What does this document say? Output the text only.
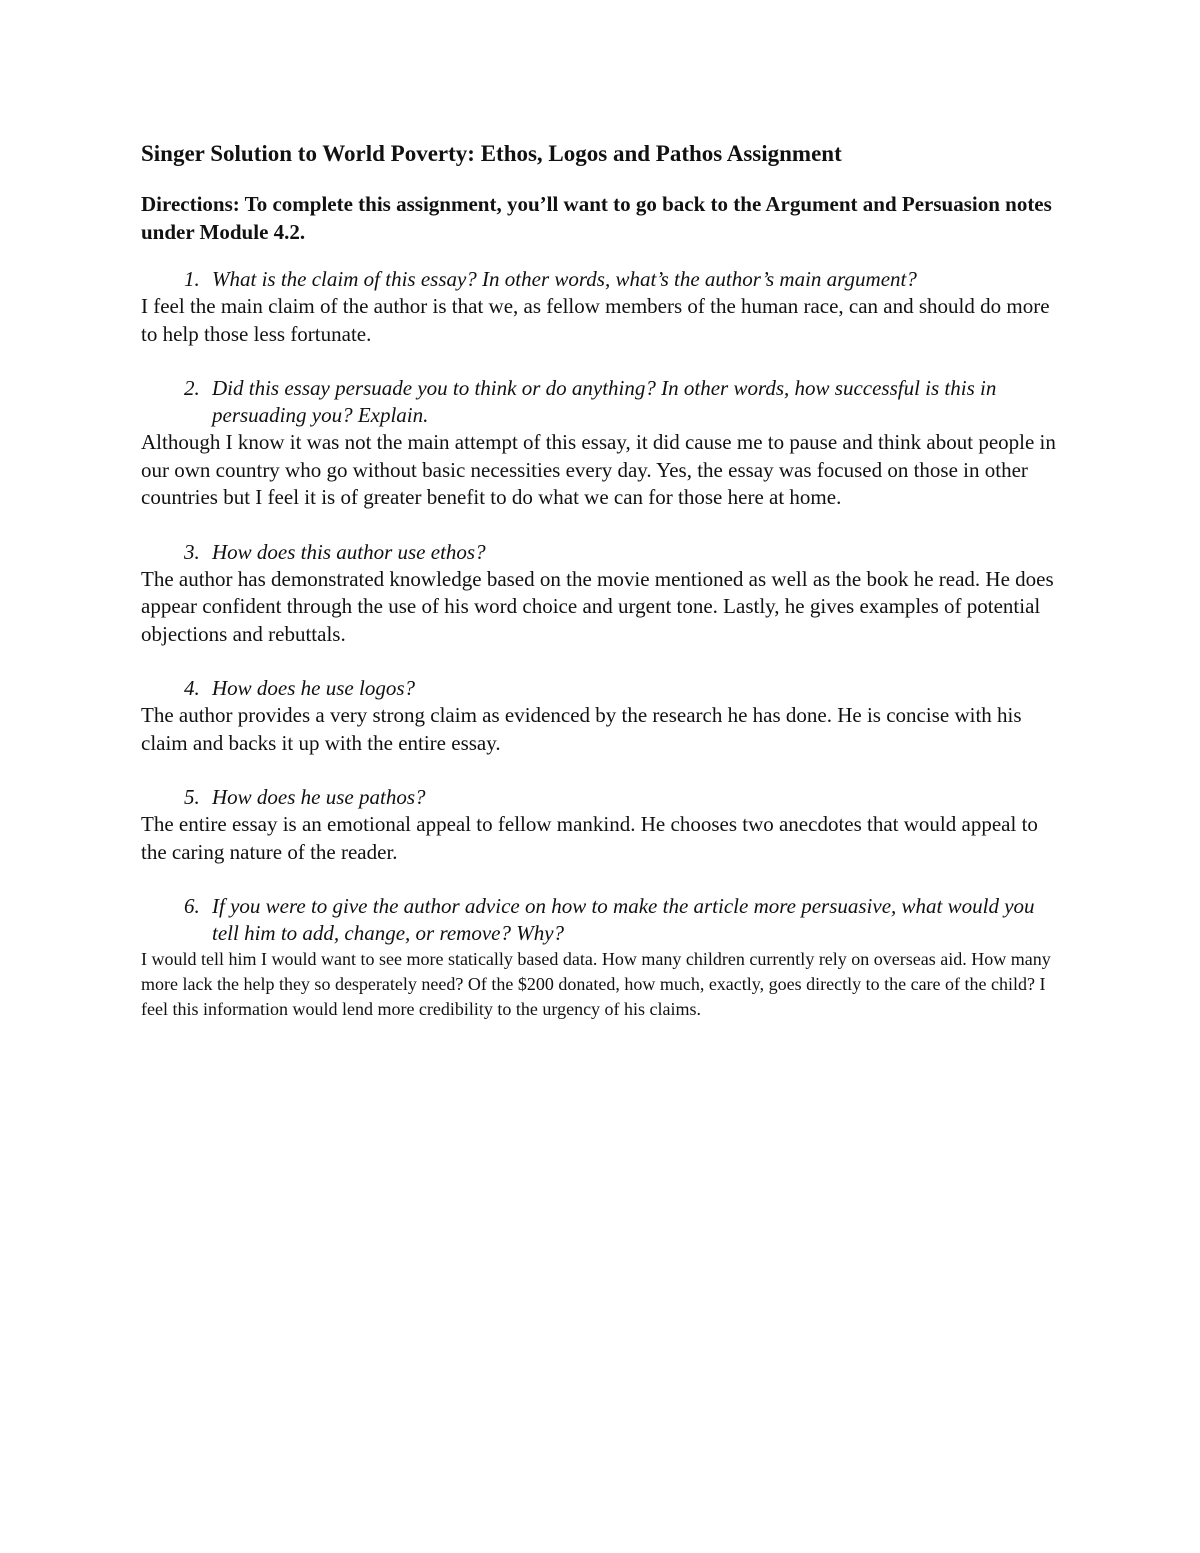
Singer Solution to World Poverty: Ethos, Logos and Pathos Assignment
Directions: To complete this assignment, you’ll want to go back to the Argument and Persuasion notes under Module 4.2.
1. What is the claim of this essay? In other words, what’s the author’s main argument?
I feel the main claim of the author is that we, as fellow members of the human race, can and should do more to help those less fortunate.
2. Did this essay persuade you to think or do anything? In other words, how successful is this in persuading you? Explain.
Although I know it was not the main attempt of this essay, it did cause me to pause and think about people in our own country who go without basic necessities every day. Yes, the essay was focused on those in other countries but I feel it is of greater benefit to do what we can for those here at home.
3. How does this author use ethos?
The author has demonstrated knowledge based on the movie mentioned as well as the book he read. He does appear confident through the use of his word choice and urgent tone. Lastly, he gives examples of potential objections and rebuttals.
4. How does he use logos?
The author provides a very strong claim as evidenced by the research he has done. He is concise with his claim and backs it up with the entire essay.
5. How does he use pathos?
The entire essay is an emotional appeal to fellow mankind. He chooses two anecdotes that would appeal to the caring nature of the reader.
6. If you were to give the author advice on how to make the article more persuasive, what would you tell him to add, change, or remove? Why?
I would tell him I would want to see more statically based data. How many children currently rely on overseas aid. How many more lack the help they so desperately need? Of the $200 donated, how much, exactly, goes directly to the care of the child? I feel this information would lend more credibility to the urgency of his claims.
